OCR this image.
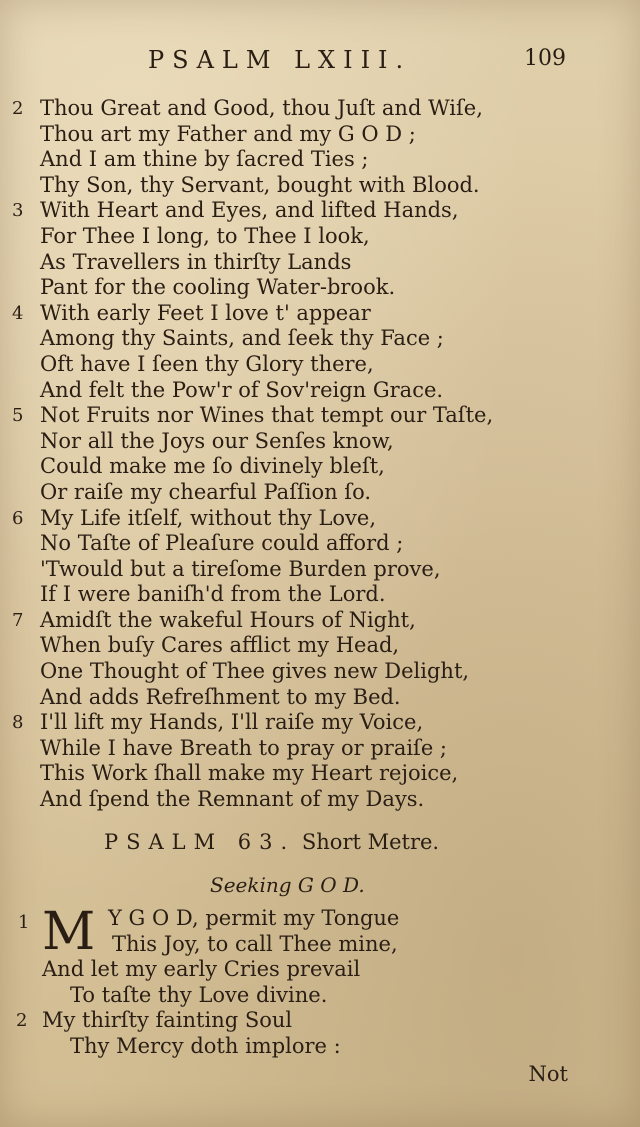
PSALM LXIII.	109
2 Thou Great and Good, thou Juſt and Wiſe,
Thou art my Father and my G O D ;
And I am thine by ſacred Ties ;
Thy Son, thy Servant, bought with Blood.
3 With Heart and Eyes, and lifted Hands,
For Thee I long, to Thee I look,
As Travellers in thirſty Lands
Pant for the cooling Water-brook.
4 With early Feet I love t' appear
Among thy Saints, and ſeek thy Face ;
Oft have I ſeen thy Glory there,
And felt the Pow'r of Sov'reign Grace.
5 Not Fruits nor Wines that tempt our Taſte,
Nor all the Joys our Senſes know,
Could make me ſo divinely bleſt,
Or raiſe my chearful Paſſion ſo.
6 My Life itſelf, without thy Love,
No Taſte of Pleaſure could afford ;
'Twould but a tireſome Burden prove,
If I were baniſh'd from the Lord.
7 Amidſt the wakeful Hours of Night,
When buſy Cares afflict my Head,
One Thought of Thee gives new Delight,
And adds Refreſhment to my Bed.
8 I'll lift my Hands, I'll raiſe my Voice,
While I have Breath to pray or praiſe ;
This Work ſhall make my Heart rejoice,
And ſpend the Remnant of my Days.
PSALM 63. Short Metre.
Seeking G O D.
1 M Y G O D, permit my Tongue
This Joy, to call Thee mine,
And let my early Cries prevail
To taſte thy Love divine.
2 My thirſty fainting Soul
Thy Mercy doth implore :
Not
